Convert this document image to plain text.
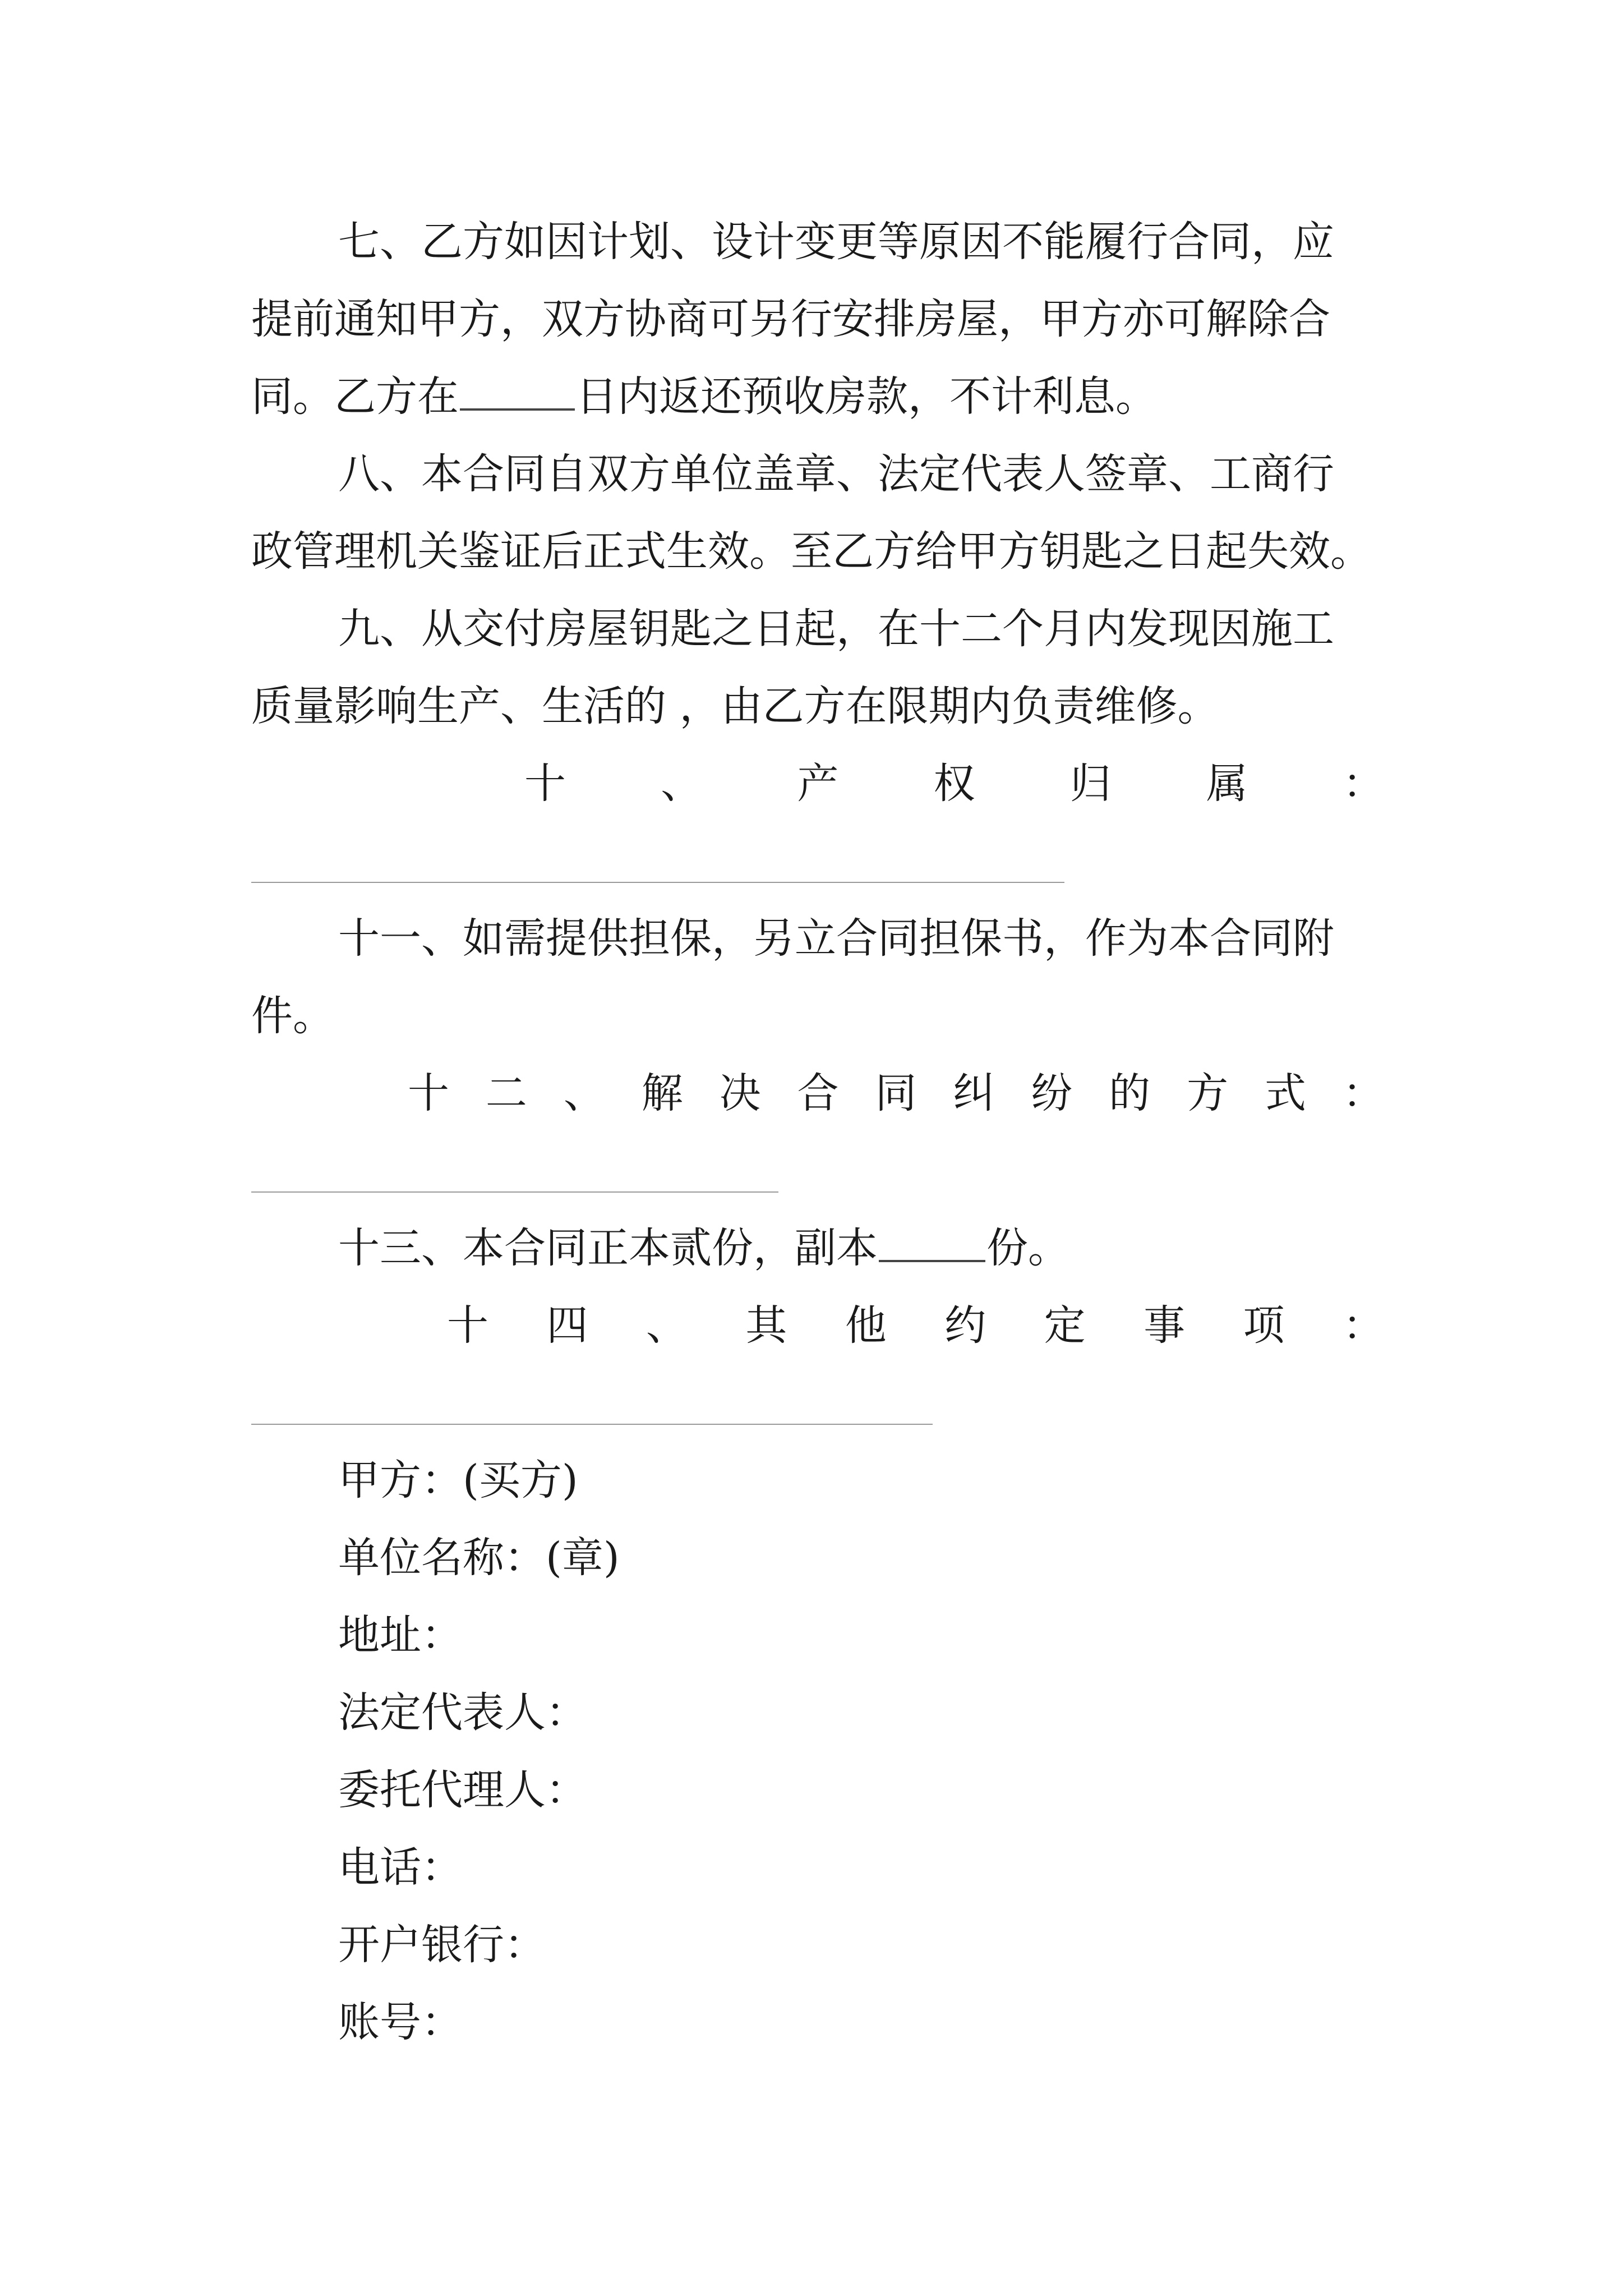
七、乙方如因计划、设计变更等原因不能履行合同，应
提前通知甲方，双方协商可另行安排房屋，甲方亦可解除合
同。乙方在	日内返还预收房款，不计利息。
八、本合同自双方单位盖章、法定代表人签章、工商行
政管理机关鉴证后正式生效。至乙方给甲方钥匙之日起失效。
九、从交付房屋钥匙之日起，在十二个月内发现因施工
质量影响生产、生活的 ，由乙方在限期内负责维修。
十 、 产 权 归 属 ：
十一、如需提供担保，另立合同担保书，作为本合同附
件。
十 二 、 解 决 合 同 纠 纷 的 方 式 ：
十三、本合同正本贰份，副本	份。
十 四 、 其 他 约 定 事 项 ：
甲方：(买方)
单位名称：(章)
地址：
法定代表人：
委托代理人：
电话：
开户银行：
账号：
